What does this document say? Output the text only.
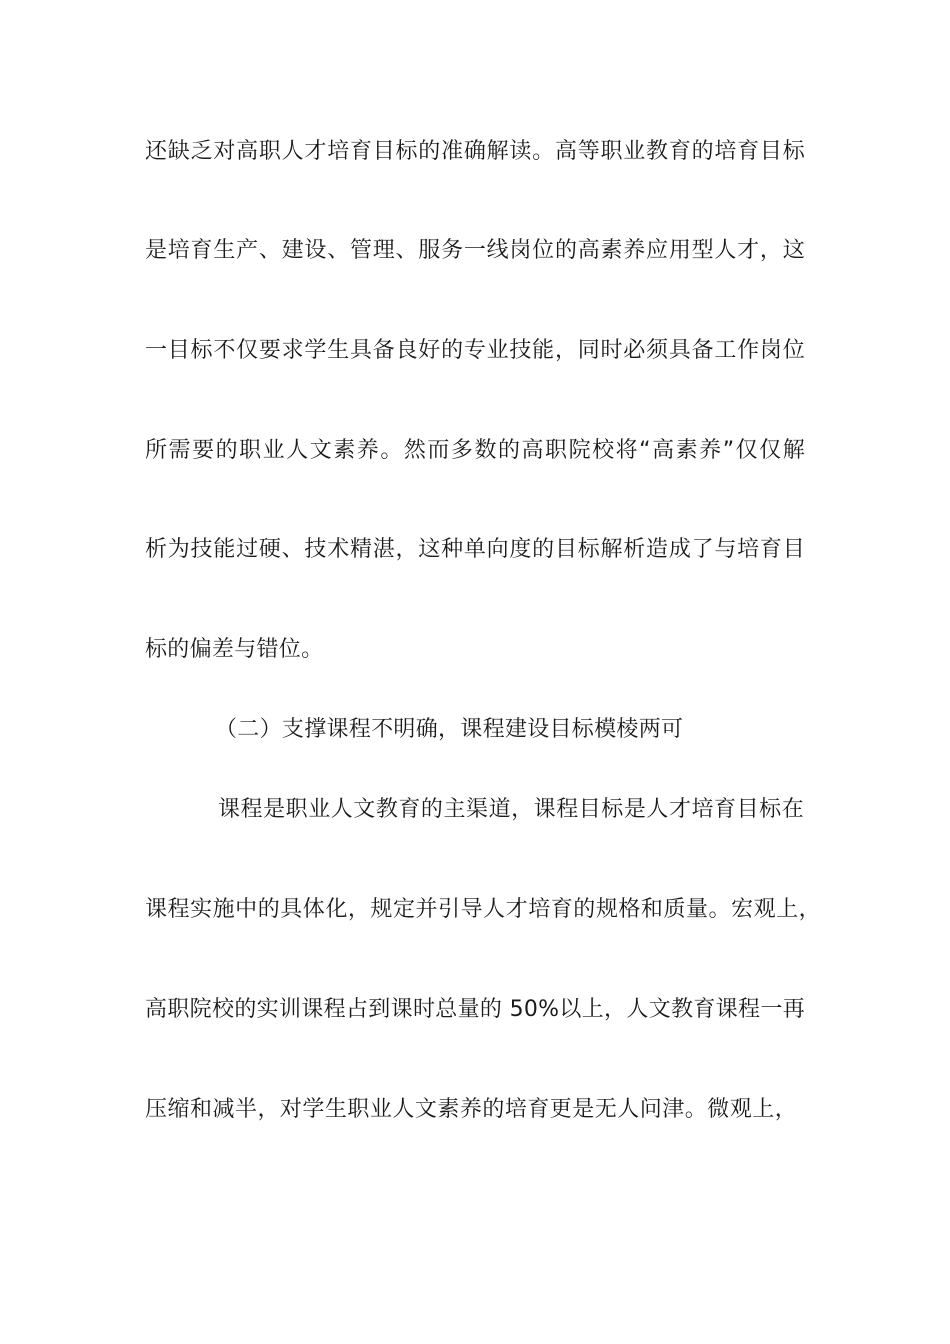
还缺乏对高职人才培育目标的准确解读。高等职业教育的培育目标
是培育生产、建设、管理、服务一线岗位的高素养应用型人才，这
一目标不仅要求学生具备良好的专业技能，同时必须具备工作岗位
所需要的职业人文素养。然而多数的高职院校将“高素养”仅仅解
析为技能过硬、技术精湛，这种单向度的目标解析造成了与培育目
标的偏差与错位。
（二）支撑课程不明确，课程建设目标模棱两可
课程是职业人文教育的主渠道，课程目标是人才培育目标在
课程实施中的具体化，规定并引导人才培育的规格和质量。宏观上，
高职院校的实训课程占到课时总量的 50%以上，人文教育课程一再
压缩和减半，对学生职业人文素养的培育更是无人问津。微观上，
